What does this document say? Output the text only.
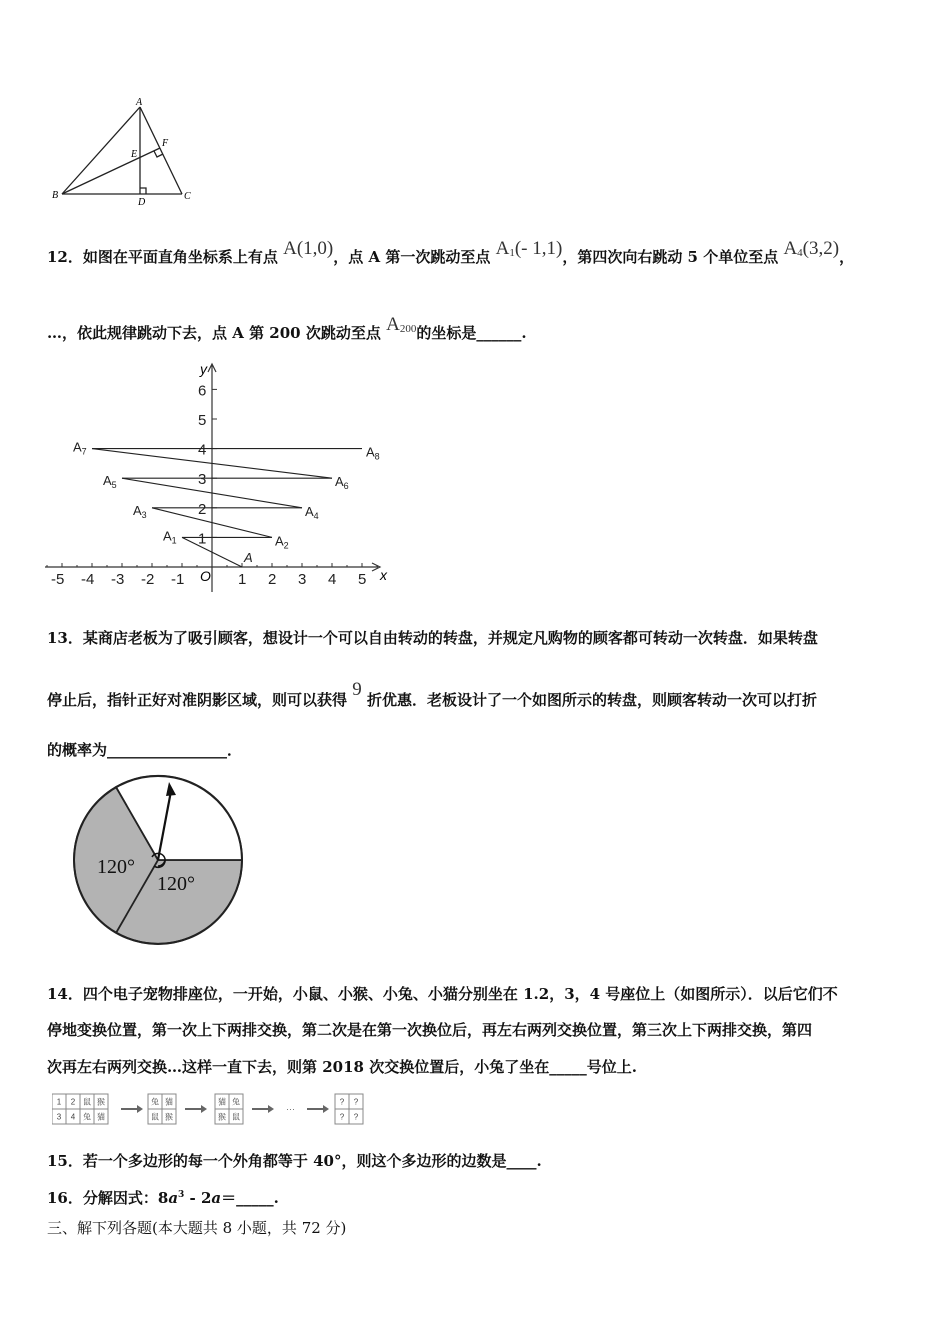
A
B	C
D
E
F
12．如图在平面直角坐标系上有点 A(1,0)，点 A 第一次跳动至点 A1(- 1,1)，第四次向右跳动 5 个单位至点 A4(3,2)，
…，依此规律跳动下去，点 A 第 200 次跳动至点 A200的坐标是______.
-5 -4 -3 -2 -1	1 2 3 4 5
1
2
3
4
5
6
A
$A_1$	$A_2$
$A_3$	$A_4$
$A_5$	$A_6$
$A_7$	$A_8$
x
y
O
13．某商店老板为了吸引顾客，想设计一个可以自由转动的转盘，并规定凡购物的顾客都可转动一次转盘．如果转盘
停止后，指针正好对准阴影区域，则可以获得 9 折优惠．老板设计了一个如图所示的转盘，则顾客转动一次可以打折
的概率为________________．
120°
120°
14．四个电子宠物排座位，一开始，小鼠、小猴、小兔、小猫分别坐在 1.2，3，4 号座位上（如图所示）．以后它们不
停地变换位置，第一次上下两排交换，第二次是在第一次换位后，再左右两列交换位置，第三次上下两排交换，第四
次再左右两列交换…这样一直下去，则第 2018 次交换位置后，小兔了坐在_____号位上.
1 2
3 4
鼠 猴
兔 猫
兔 猫
鼠 猴
猫 兔
猴 鼠
···
? ?
? ?
15．若一个多边形的每一个外角都等于 40°，则这个多边形的边数是____.
16．分解因式：$8a^3$ - 2a＝_____.
三、解下列各题(本大题共 8 小题，共 72 分)
